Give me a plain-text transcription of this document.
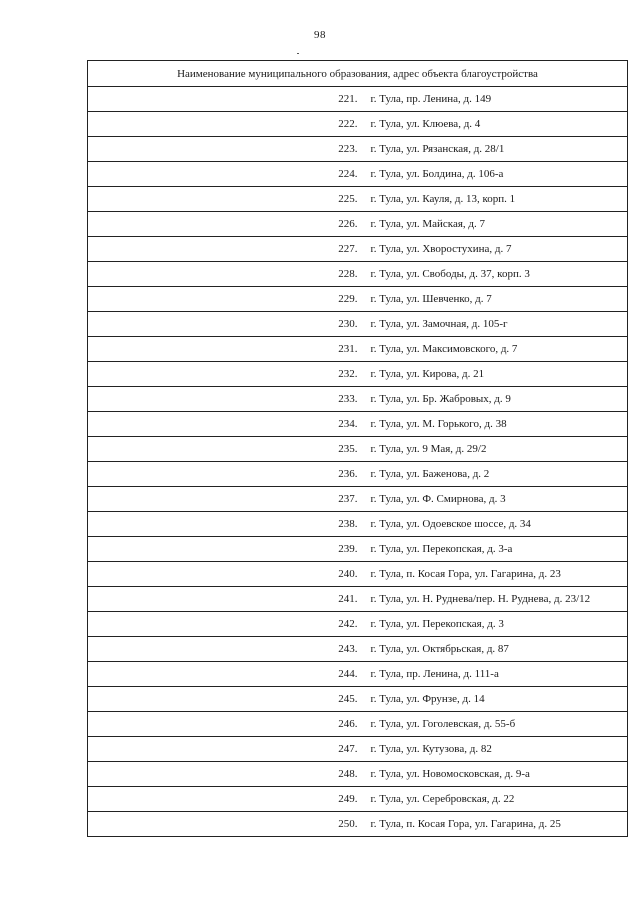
98
Наименование муниципального образования, адрес объекта благоустройства	
221.	г. Тула, пр. Ленина, д. 149
222.	г. Тула, ул. Клюева, д. 4
223.	г. Тула, ул. Рязанская, д. 28/1
224.	г. Тула, ул. Болдина, д. 106-а
225.	г. Тула, ул. Кауля, д. 13, корп. 1
226.	г. Тула, ул. Майская, д. 7
227.	г. Тула, ул. Хворостухина, д. 7
228.	г. Тула, ул. Свободы, д. 37, корп. 3
229.	г. Тула, ул. Шевченко, д. 7
230.	г. Тула, ул. Замочная, д. 105-г
231.	г. Тула, ул. Максимовского, д. 7
232.	г. Тула, ул. Кирова, д. 21
233.	г. Тула, ул. Бр. Жабровых, д. 9
234.	г. Тула, ул. М. Горького, д. 38
235.	г. Тула, ул. 9 Мая, д. 29/2
236.	г. Тула, ул. Баженова, д. 2
237.	г. Тула, ул. Ф. Смирнова, д. 3
238.	г. Тула, ул. Одоевское шоссе, д. 34
239.	г. Тула, ул. Перекопская, д. 3-а
240.	г. Тула, п. Косая Гора, ул. Гагарина, д. 23
241.	г. Тула, ул. Н. Руднева/пер. Н. Руднева, д. 23/12
242.	г. Тула, ул. Перекопская, д. 3
243.	г. Тула, ул. Октябрьская, д. 87
244.	г. Тула, пр. Ленина, д. 111-а
245.	г. Тула, ул. Фрунзе, д. 14
246.	г. Тула, ул. Гоголевская, д. 55-б
247.	г. Тула, ул. Кутузова, д. 82
248.	г. Тула, ул. Новомосковская, д. 9-а
249.	г. Тула, ул. Серебровская, д. 22
250.	г. Тула, п. Косая Гора, ул. Гагарина, д. 25
